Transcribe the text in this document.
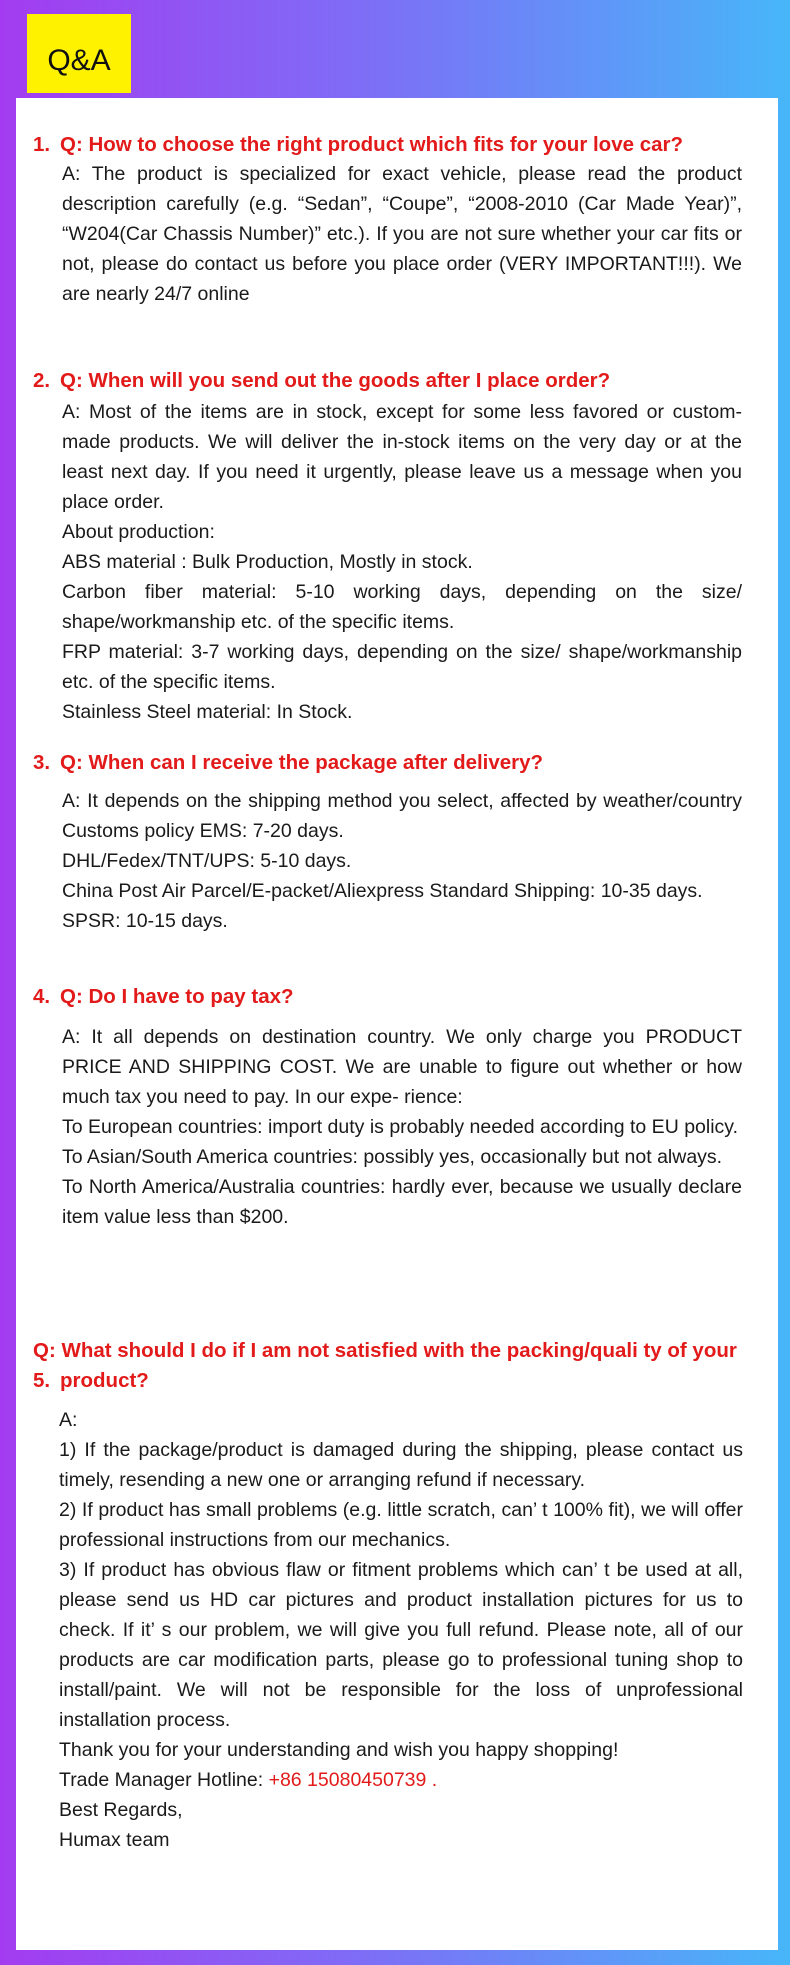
Q&A
1. Q: How to choose the right product which fits for your love car?

A: The product is specialized for exact vehicle, please read the product description carefully (e.g. “Sedan”, “Coupe”, “2008-2010 (Car Made Year)”, “W204(Car Chassis Number)” etc.). If you are not sure whether your car fits or not, please do contact us before you place order (VERY IMPORTANT!!!). We are nearly 24/7 online

2. Q: When will you send out the goods after I place order?

A: Most of the items are in stock, except for some less favored or custom-made products. We will deliver the in-stock items on the very day or at the least next day. If you need it urgently, please leave us a message when you place order.

About production:

ABS material : Bulk Production, Mostly in stock.

Carbon fiber material: 5-10 working days, depending on the size/ shape/workmanship etc. of the specific items.

FRP material: 3-7 working days, depending on the size/ shape/workmanship etc. of the specific items.

Stainless Steel material: In Stock.

3. Q: When can I receive the package after delivery?

A: It depends on the shipping method you select, affected by weather/country Customs policy EMS: 7-20 days.

DHL/Fedex/TNT/UPS: 5-10 days.

China Post Air Parcel/E-packet/Aliexpress Standard Shipping: 10-35 days.

SPSR: 10-15 days.

4. Q: Do I have to pay tax?

A: It all depends on destination country. We only charge you PRODUCT PRICE AND SHIPPING COST. We are unable to figure out whether or how much tax you need to pay. In our expe- rience:

To European countries: import duty is probably needed according to EU policy.

To Asian/South America countries: possibly yes, occasionally but not always.

To North America/Australia countries: hardly ever, because we usually declare item value less than $200.

5.Q: What should I do if I am not satisfied with the packing/quali ty of your product?

A:

1) If the package/product is damaged during the shipping, please contact us timely, resending a new one or arranging refund if necessary.

2) If product has small problems (e.g. little scratch, can’ t 100% fit), we will offer professional instructions from our mechanics.

3) If product has obvious flaw or fitment problems which can’ t be used at all, please send us HD car pictures and product installation pictures for us to check. If it’ s our problem, we will give you full refund. Please note, all of our products are car modification parts, please go to professional tuning shop to install/paint. We will not be responsible for the loss of unprofessional installation process.

Thank you for your understanding and wish you happy shopping!

Trade Manager Hotline: +86 15080450739 .

Best Regards,

Humax team
